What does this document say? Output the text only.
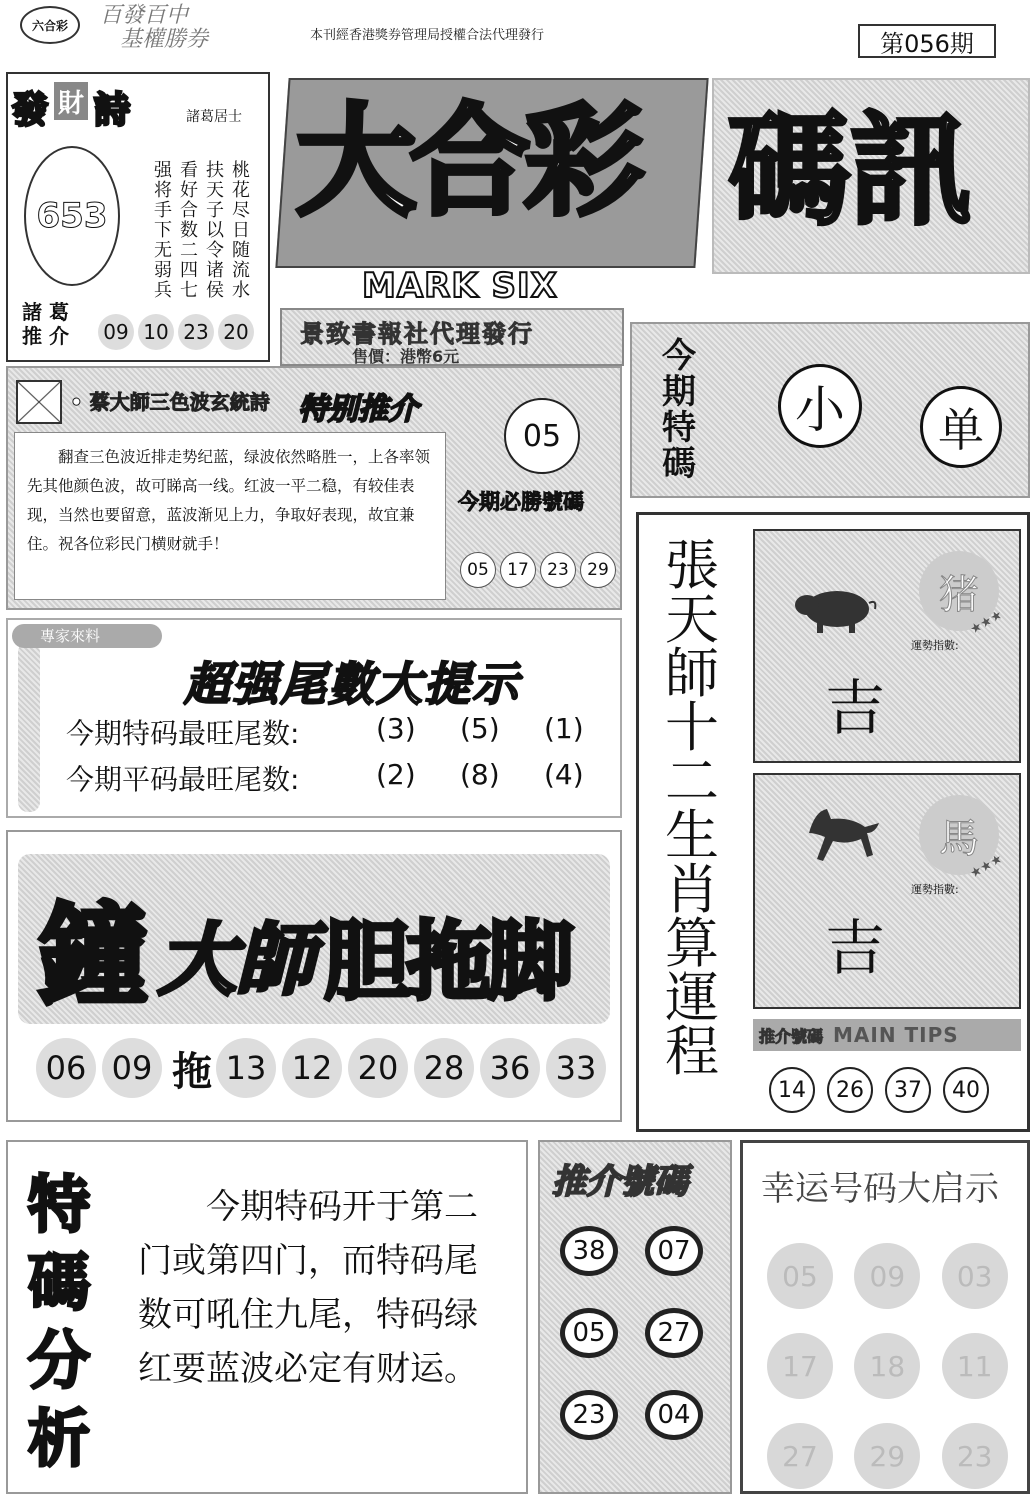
六合彩 百發百中
基權勝券	本刊經香港獎券管理局授權合法代理發行	第056期
發 財 詩	諸葛居士
653	桃花尽日随流水
扶天子以令诸侯
看好合数二四七
强将手下无弱兵
諸 葛
推 介 09 10 23 20
大合彩 碼訊
MARK SIX
景致書報社代理發行
售價：港幣6元	今
期
特
碼
小	单
• 蔡大師三色波玄統詩 特别推介
　　翻查三色波近排走势纪蓝，绿波依然略胜一，上各率领先其他颜色波，故可睇高一线。红波一平二稳，有较佳表现，当然也要留意，蓝波渐见上力，争取好表现，故宜兼住。祝各位彩民门横财就手！
05
今期必勝號碼
05	17	23	29
專家來料
超强尾數大提示
今期特码最旺尾数:	(3)	(5)	(1)
今期平码最旺尾数:	(2)	(8)	(4)
鐘 大師 胆拖脚
06 09 拖 13 12 20 28 36 33
張天師十二生肖算運程
猪
運勢指數:
★★★
吉
馬
運勢指數:
★★★
吉
推介號碼 MAIN TIPS
14	26	37	40
特碼分析
　　今期特码开于第二门或第四门，而特码尾数可吼住九尾，特码绿红要蓝波必定有财运。
推介號碼
38	07
05	27
23	04
幸运号码大启示
05	09	03
17	18	11
27	29	23
